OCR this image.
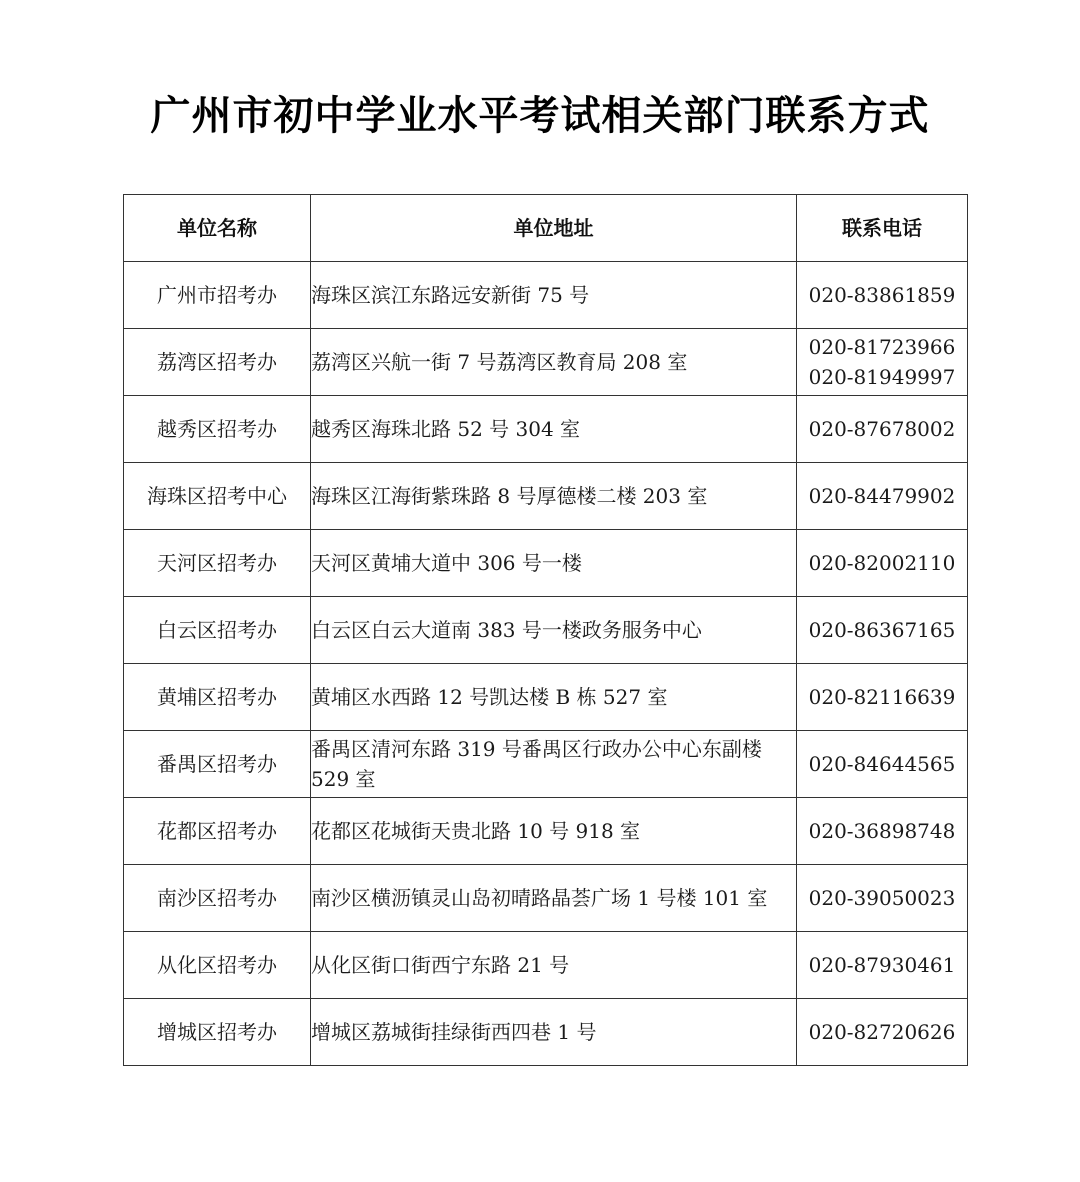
广州市初中学业水平考试相关部门联系方式
单位名称	单位地址	联系电话
广州市招考办	海珠区滨江东路远安新街 75 号	020-83861859

荔湾区招考办	荔湾区兴航一街 7 号荔湾区教育局 208 室	020-81723966
020-81949997

越秀区招考办	越秀区海珠北路 52 号 304 室	020-87678002

海珠区招考中心	海珠区江海街紫珠路 8 号厚德楼二楼 203 室	020-84479902

天河区招考办	天河区黄埔大道中 306 号一楼	020-82002110

白云区招考办	白云区白云大道南 383 号一楼政务服务中心	020-86367165

黄埔区招考办	黄埔区水西路 12 号凯达楼 B 栋 527 室	020-82116639

番禺区招考办	番禺区清河东路 319 号番禺区行政办公中心东副楼 529 室	020-84644565

花都区招考办	花都区花城街天贵北路 10 号 918 室	020-36898748

南沙区招考办	南沙区横沥镇灵山岛初晴路晶荟广场 1 号楼 101 室	020-39050023

从化区招考办	从化区街口街西宁东路 21 号	020-87930461

增城区招考办	增城区荔城街挂绿街西四巷 1 号	020-82720626
